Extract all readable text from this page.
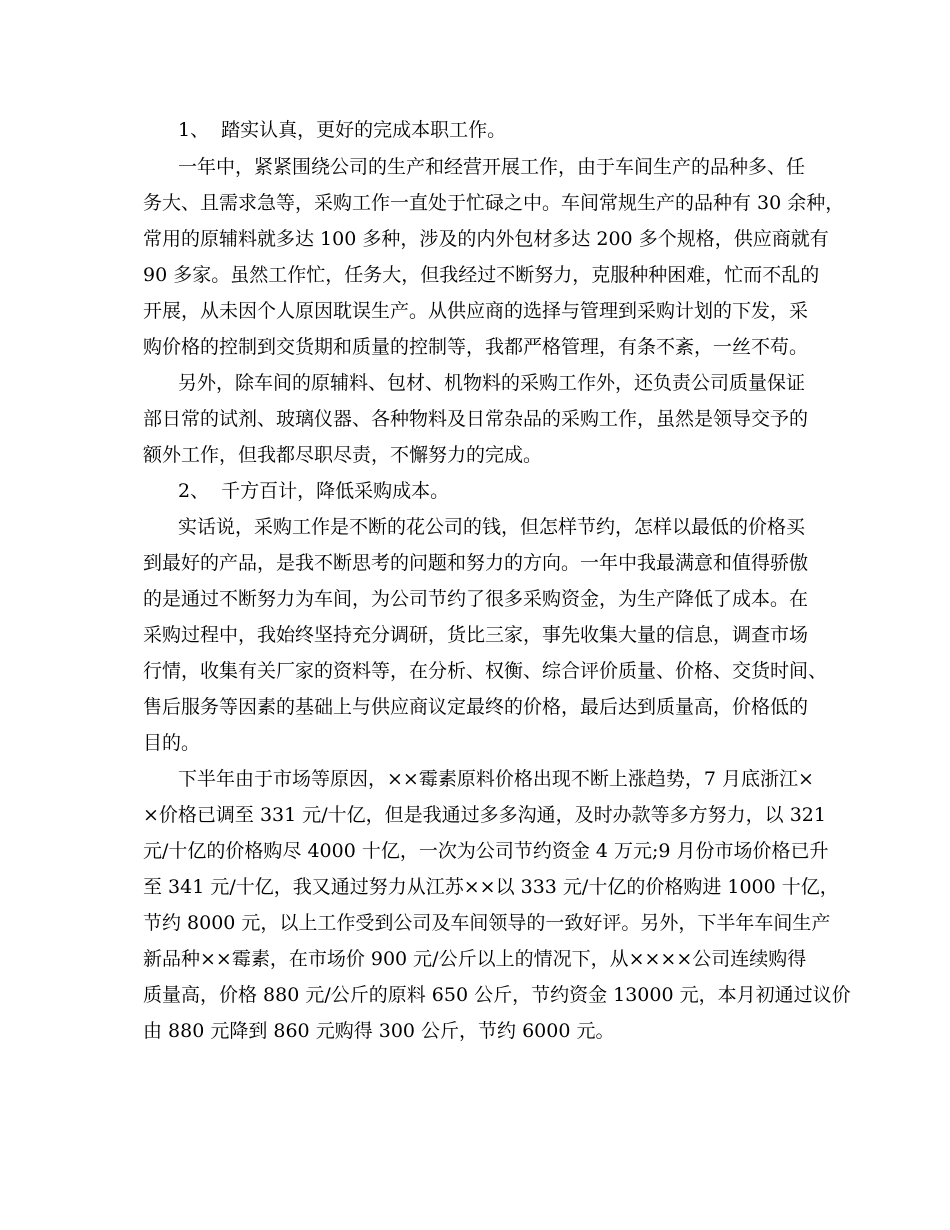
1、  踏实认真，更好的完成本职工作。
一年中，紧紧围绕公司的生产和经营开展工作，由于车间生产的品种多、任
务大、且需求急等，采购工作一直处于忙碌之中。车间常规生产的品种有 30 余种，
常用的原辅料就多达 100 多种，涉及的内外包材多达 200 多个规格，供应商就有
90 多家。虽然工作忙，任务大，但我经过不断努力，克服种种困难，忙而不乱的
开展，从未因个人原因耽误生产。从供应商的选择与管理到采购计划的下发，采
购价格的控制到交货期和质量的控制等，我都严格管理，有条不紊，一丝不苟。
另外，除车间的原辅料、包材、机物料的采购工作外，还负责公司质量保证
部日常的试剂、玻璃仪器、各种物料及日常杂品的采购工作，虽然是领导交予的
额外工作，但我都尽职尽责，不懈努力的完成。
2、  千方百计，降低采购成本。
实话说，采购工作是不断的花公司的钱，但怎样节约，怎样以最低的价格买
到最好的产品，是我不断思考的问题和努力的方向。一年中我最满意和值得骄傲
的是通过不断努力为车间，为公司节约了很多采购资金，为生产降低了成本。在
采购过程中，我始终坚持充分调研，货比三家，事先收集大量的信息，调查市场
行情，收集有关厂家的资料等，在分析、权衡、综合评价质量、价格、交货时间、
售后服务等因素的基础上与供应商议定最终的价格，最后达到质量高，价格低的
目的。
下半年由于市场等原因，××霉素原料价格出现不断上涨趋势，7 月底浙江×
×价格已调至 331 元/十亿，但是我通过多多沟通，及时办款等多方努力，以 321
元/十亿的价格购尽 4000 十亿，一次为公司节约资金 4 万元;9 月份市场价格已升
至 341 元/十亿，我又通过努力从江苏××以 333 元/十亿的价格购进 1000 十亿，
节约 8000 元，以上工作受到公司及车间领导的一致好评。另外，下半年车间生产
新品种××霉素，在市场价 900 元/公斤以上的情况下，从××××公司连续购得
质量高，价格 880 元/公斤的原料 650 公斤，节约资金 13000 元，本月初通过议价
由 880 元降到 860 元购得 300 公斤，节约 6000 元。
